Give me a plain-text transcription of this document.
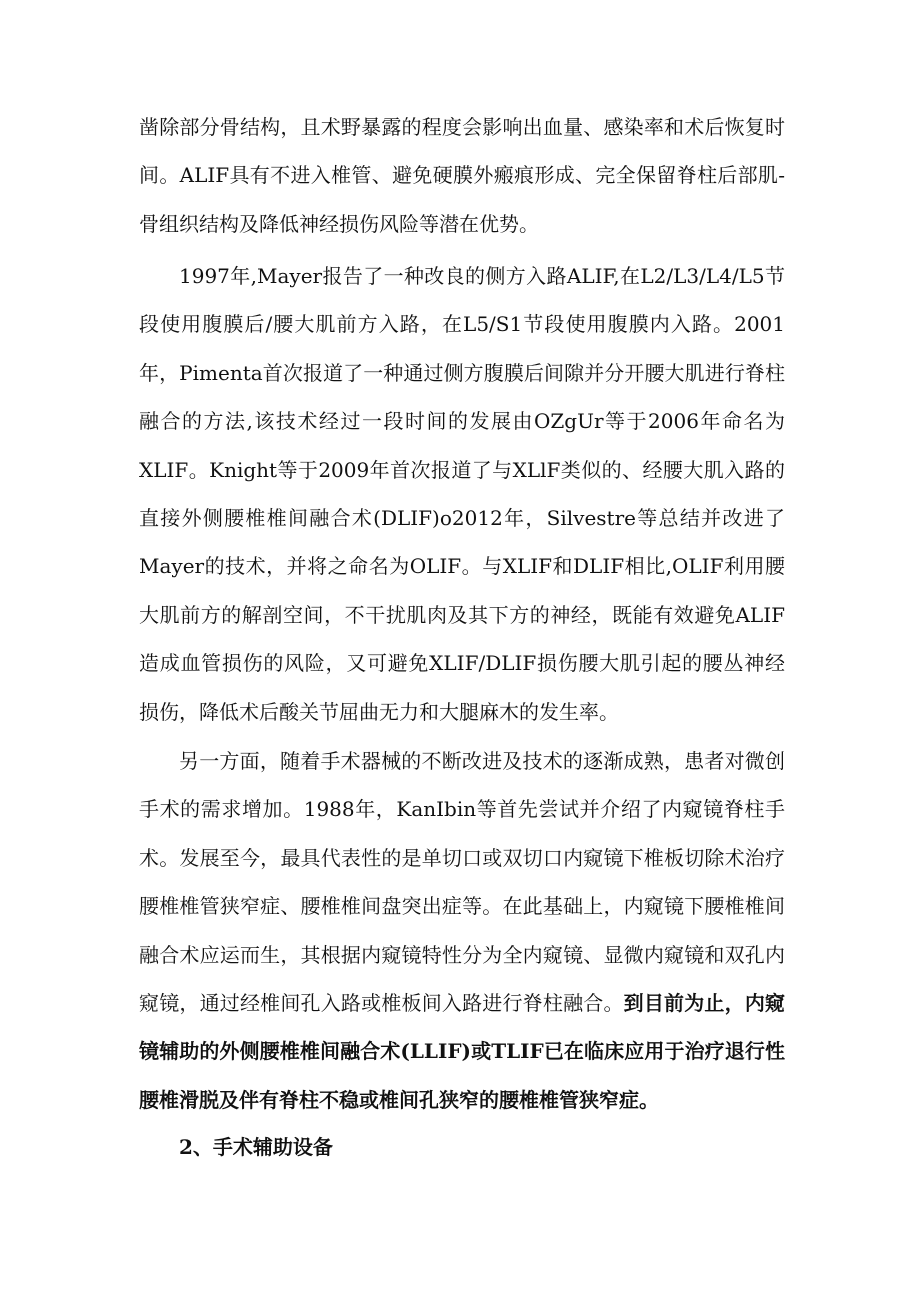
凿除部分骨结构，且术野暴露的程度会影响出血量、感染率和术后恢复时间。ALIF具有不进入椎管、避免硬膜外瘢痕形成、完全保留脊柱后部肌-骨组织结构及降低神经损伤风险等潜在优势。

1997年,Mayer报告了一种改良的侧方入路ALIF,在L2/L3/L4/L5节段使用腹膜后/腰大肌前方入路，在L5/S1节段使用腹膜内入路。2001年，Pimenta首次报道了一种通过侧方腹膜后间隙并分开腰大肌进行脊柱融合的方法,该技术经过一段时间的发展由OZgUr等于2006年命名为XLIF。Knight等于2009年首次报道了与XLlF类似的、经腰大肌入路的直接外侧腰椎椎间融合术(DLIF)o2012年，Silvestre等总结并改进了Mayer的技术，并将之命名为OLIF。与XLIF和DLIF相比,OLIF利用腰大肌前方的解剖空间，不干扰肌肉及其下方的神经，既能有效避免ALIF造成血管损伤的风险，又可避免XLIF/DLIF损伤腰大肌引起的腰丛神经损伤，降低术后酸关节屈曲无力和大腿麻木的发生率。

另一方面，随着手术器械的不断改进及技术的逐渐成熟，患者对微创手术的需求增加。1988年，KanIbin等首先尝试并介绍了内窥镜脊柱手术。发展至今，最具代表性的是单切口或双切口内窥镜下椎板切除术治疗腰椎椎管狭窄症、腰椎椎间盘突出症等。在此基础上，内窥镜下腰椎椎间融合术应运而生，其根据内窥镜特性分为全内窥镜、显微内窥镜和双孔内窥镜，通过经椎间孔入路或椎板间入路进行脊柱融合。到目前为止，内窥镜辅助的外侧腰椎椎间融合术(LLIF)或TLIF已在临床应用于治疗退行性腰椎滑脱及伴有脊柱不稳或椎间孔狭窄的腰椎椎管狭窄症。

2、手术辅助设备
